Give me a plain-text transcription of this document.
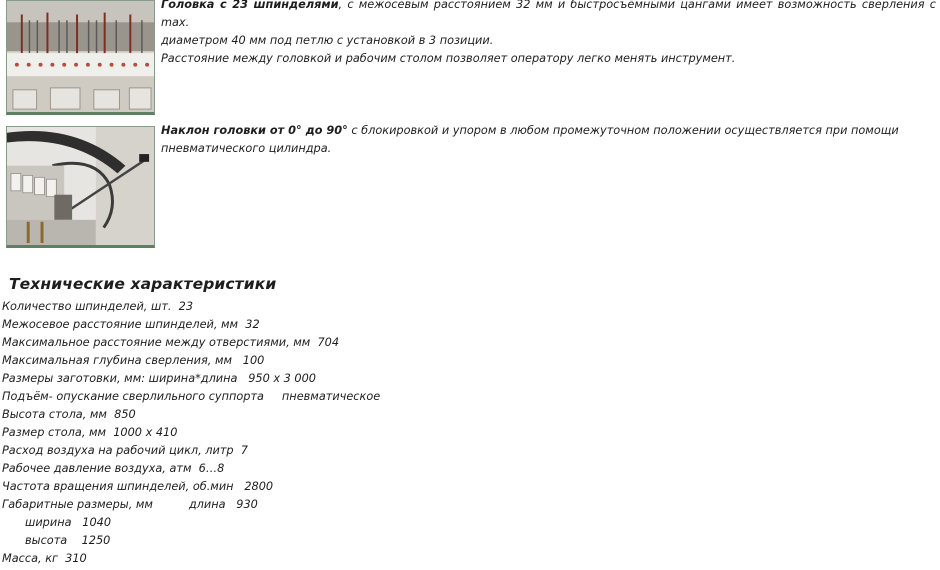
Головка с 23 шпинделями, с межосевым расстоянием 32 мм и быстросъёмными цангами имеет возможность сверления с max.
диаметром 40 мм под петлю с установкой в 3 позиции.
Расстояние между головкой и рабочим столом позволяет оператору легко менять инструмент.
Наклон головки от 0° до 90° с блокировкой и упором в любом промежуточном положении осуществляется при помощи
пневматического цилиндра.
Технические характеристики
Количество шпинделей, шт.  23
Межосевое расстояние шпинделей, мм  32
Максимальное расстояние между отверстиями, мм  704
Максимальная глубина сверления, мм   100
Размеры заготовки, мм: ширина*длина   950 x 3 000
Подъём- опускание сверлильного суппорта     пневматическое
Высота стола, мм  850
Размер стола, мм  1000 x 410
Расход воздуха на рабочий цикл, литр  7
Рабочее давление воздуха, атм  6…8
Частота вращения шпинделей, об.мин   2800
Габаритные размеры, мм          длина   930
ширина   1040
высота    1250
Масса, кг  310
